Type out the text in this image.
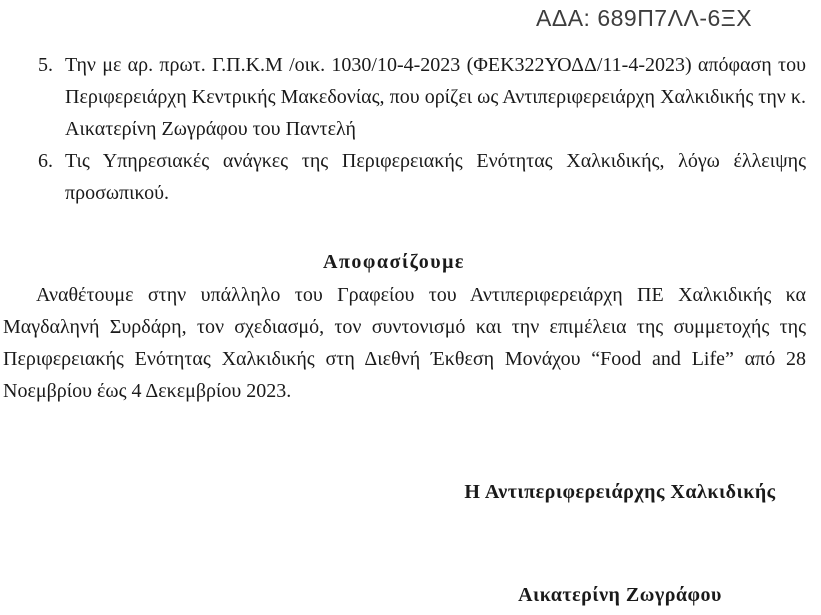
ΑΔΑ: 689Π7ΛΛ-6ΞΧ
5. Την με αρ. πρωτ. Γ.Π.Κ.Μ /οικ. 1030/10-4-2023 (ΦΕΚ322ΥΟΔΔ/11-4-2023) απόφαση του Περιφερειάρχη Κεντρικής Μακεδονίας, που ορίζει ως Αντιπεριφερειάρχη Χαλκιδικής την κ. Αικατερίνη Ζωγράφου του Παντελή
6. Τις Υπηρεσιακές ανάγκες της Περιφερειακής Ενότητας Χαλκιδικής, λόγω έλλειψης προσωπικού.
Αποφασίζουμε
Αναθέτουμε στην υπάλληλο του Γραφείου του Αντιπεριφερειάρχη ΠΕ Χαλκιδικής κα Μαγδαληνή Συρδάρη, τον σχεδιασμό, τον συντονισμό και την επιμέλεια της συμμετοχής της Περιφερειακής Ενότητας Χαλκιδικής στη Διεθνή Έκθεση Μονάχου “Food and Life” από 28 Νοεμβρίου έως 4 Δεκεμβρίου 2023.
Η Αντιπεριφερειάρχης Χαλκιδικής
Αικατερίνη Ζωγράφου
